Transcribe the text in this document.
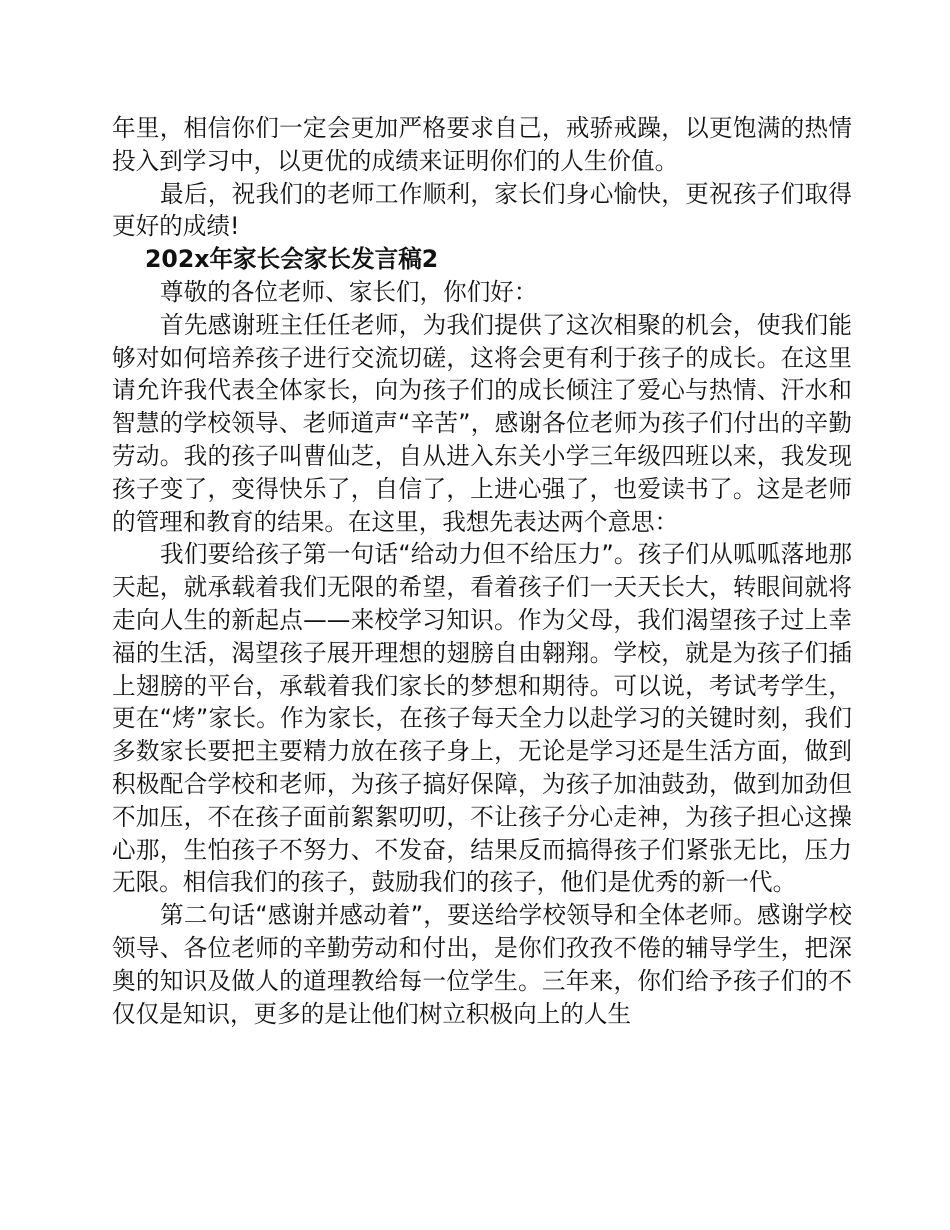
年里，相信你们一定会更加严格要求自己，戒骄戒躁，以更饱满的热情投入到学习中，以更优的成绩来证明你们的人生价值。

最后，祝我们的老师工作顺利，家长们身心愉快，更祝孩子们取得更好的成绩!

202x年家长会家长发言稿2

尊敬的各位老师、家长们，你们好：

首先感谢班主任任老师，为我们提供了这次相聚的机会，使我们能够对如何培养孩子进行交流切磋，这将会更有利于孩子的成长。在这里请允许我代表全体家长，向为孩子们的成长倾注了爱心与热情、汗水和智慧的学校领导、老师道声“辛苦”，感谢各位老师为孩子们付出的辛勤劳动。我的孩子叫曹仙芝，自从进入东关小学三年级四班以来，我发现孩子变了，变得快乐了，自信了，上进心强了，也爱读书了。这是老师的管理和教育的结果。在这里，我想先表达两个意思：

我们要给孩子第一句话“给动力但不给压力”。孩子们从呱呱落地那天起，就承载着我们无限的希望，看着孩子们一天天长大，转眼间就将走向人生的新起点——来校学习知识。作为父母，我们渴望孩子过上幸福的生活，渴望孩子展开理想的翅膀自由翱翔。学校，就是为孩子们插上翅膀的平台，承载着我们家长的梦想和期待。可以说，考试考学生，更在“烤”家长。作为家长，在孩子每天全力以赴学习的关键时刻，我们多数家长要把主要精力放在孩子身上，无论是学习还是生活方面，做到积极配合学校和老师，为孩子搞好保障，为孩子加油鼓劲，做到加劲但不加压，不在孩子面前絮絮叨叨，不让孩子分心走神，为孩子担心这操心那，生怕孩子不努力、不发奋，结果反而搞得孩子们紧张无比，压力无限。相信我们的孩子，鼓励我们的孩子，他们是优秀的新一代。

第二句话“感谢并感动着”，要送给学校领导和全体老师。感谢学校领导、各位老师的辛勤劳动和付出，是你们孜孜不倦的辅导学生，把深奥的知识及做人的道理教给每一位学生。三年来，你们给予孩子们的不仅仅是知识，更多的是让他们树立积极向上的人生
